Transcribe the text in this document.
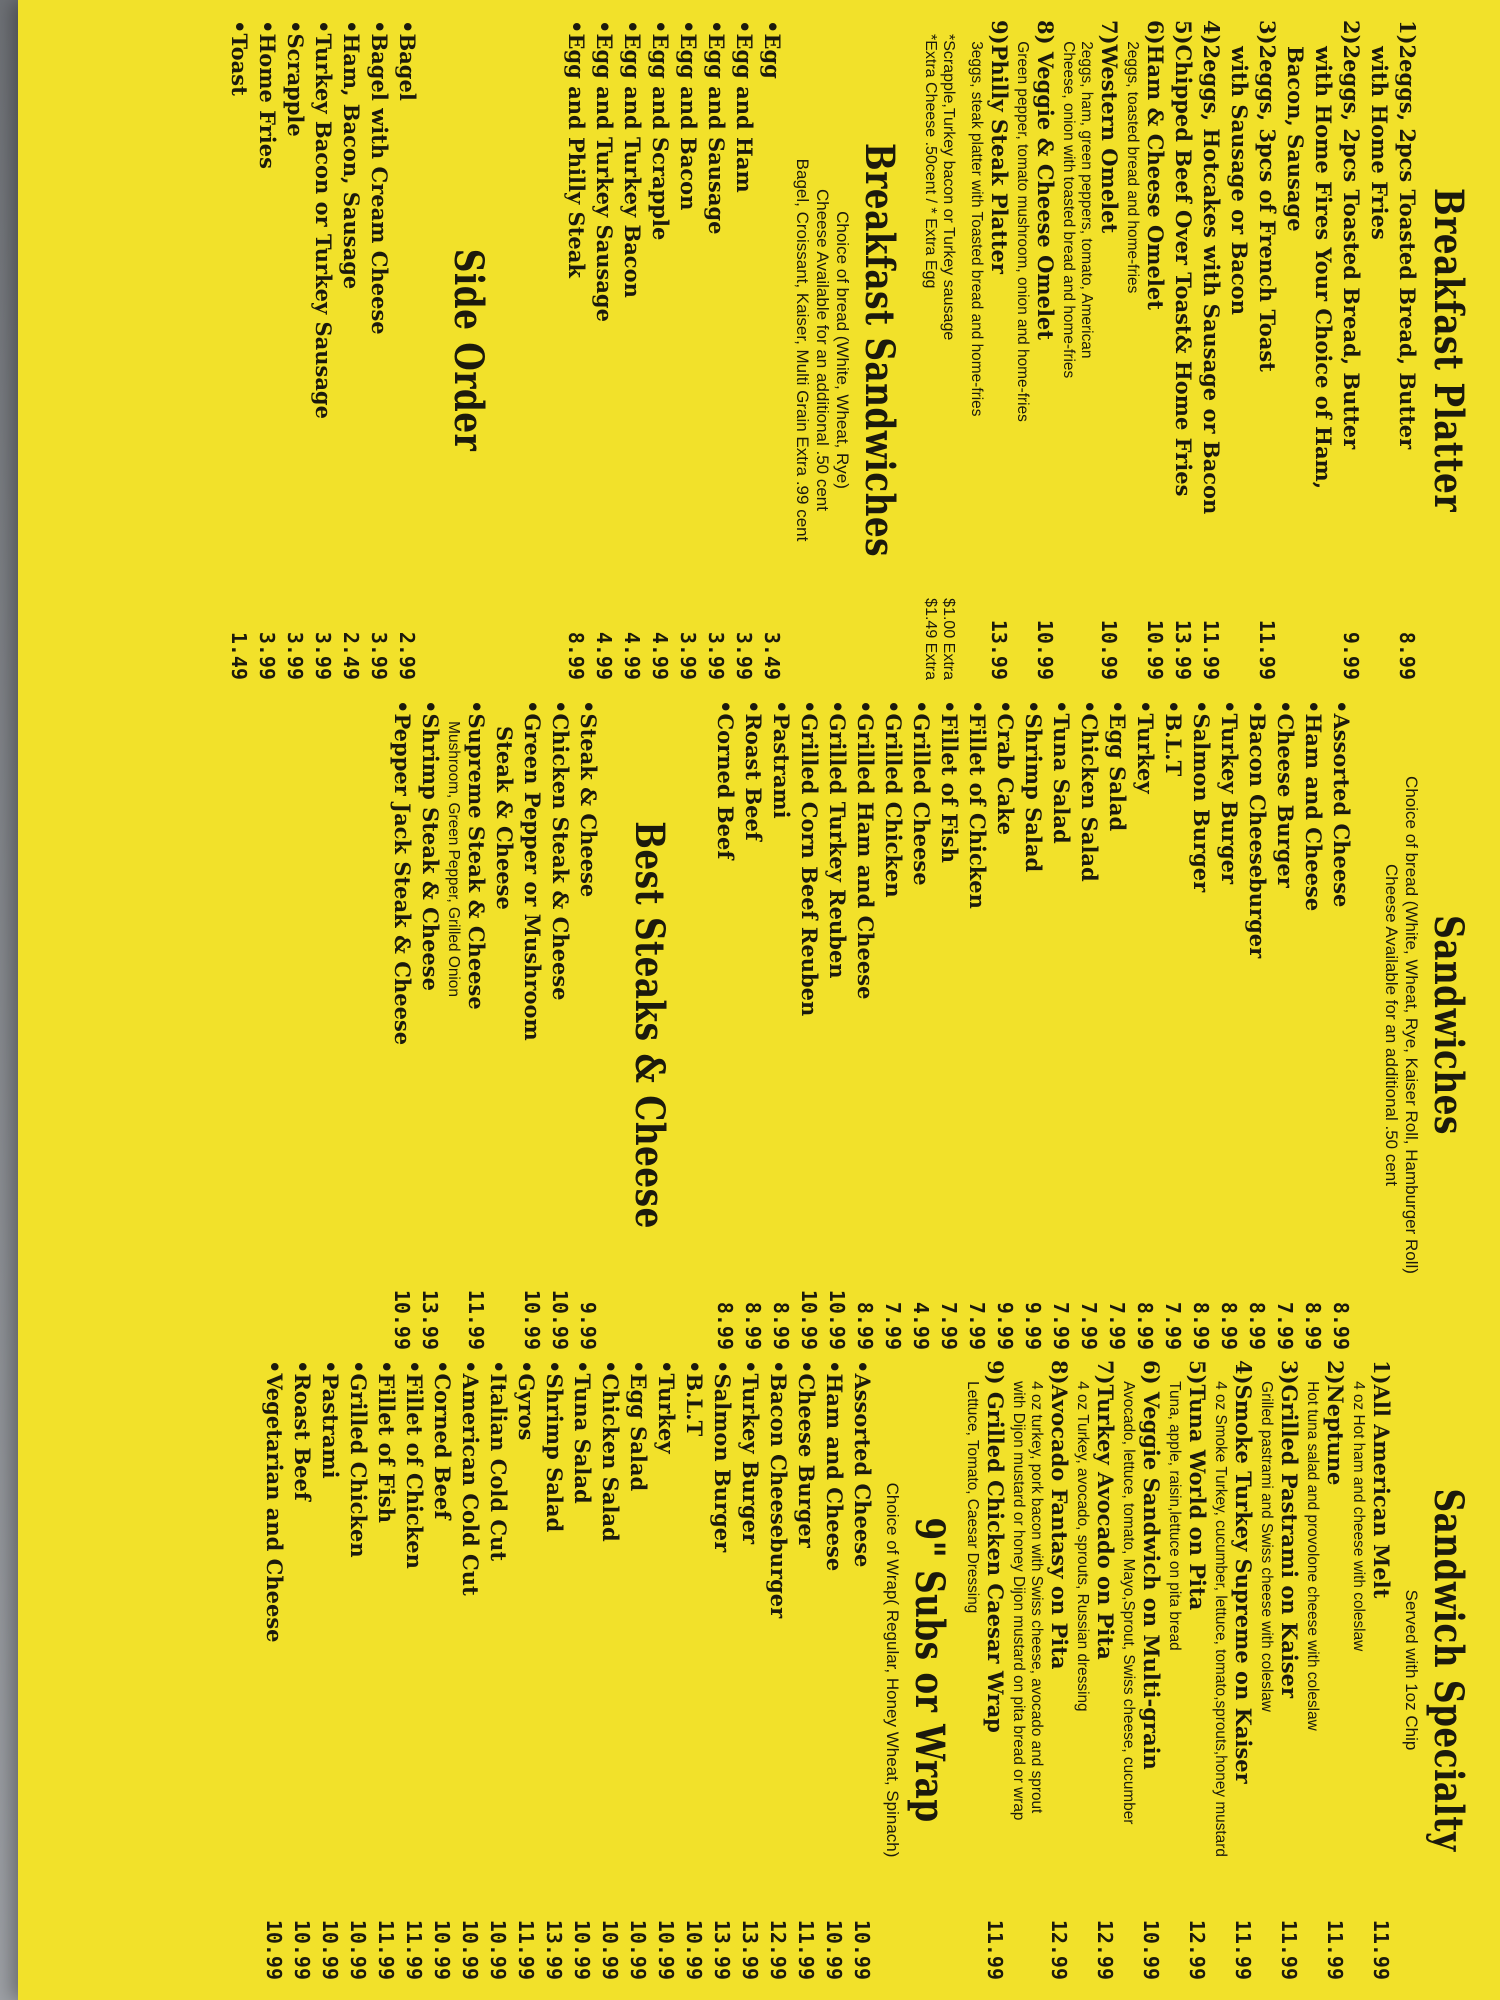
Breakfast Platter
1)2eggs, 2pcs Toasted Bread, Butter
8.99
with Home Fries
2)2eggs, 2pcs Toasted Bread, Butter
9.99
with Home Fires Your Choice of Ham,
Bacon, Sausage
3)2eggs, 3pcs of French Toast
11.99
with Sausage or Bacon
4)2eggs, Hotcakes with Sausage or Bacon
11.99
5)Chipped Beef Over Toast& Home Fries
13.99
6)Ham & Cheese Omelet
10.99
2eggs, toasted bread and home-fries
7)Western Omelet
10.99
2eggs, ham, green peppers, tomato, American
Cheese, onion with toasted bread and home-fries
8) Veggie & Cheese Omelet
10.99
Green pepper, tomato mushroom, onion and home-fries
9)Philly Steak Platter
13.99
3eggs, steak platter with Toasted bread and home-fries
*Scrapple,Turkey bacon or Turkey sausage
*Extra Cheese .50cent / * Extra Egg
$1.00 Extra
$1.49 Extra
Breakfast Sandwiches
Choice of bread (White, Wheat, Rye)
Cheese Available for an additional .50 cent
Bagel, Croissant, Kaiser, Multi Grain Extra .99 cent
• Egg
3.49
• Egg and Ham
3.99
• Egg and Sausage
3.99
• Egg and Bacon
3.99
• Egg and Scrapple
4.99
• Egg and Turkey Bacon
4.99
• Egg and Turkey Sausage
4.99
• Egg and Philly Steak
8.99
Side Order
• Bagel
2.99
• Bagel with Cream Cheese
3.99
• Ham, Bacon, Sausage
2.49
• Turkey Bacon or Turkey Sausage
3.99
• Scrapple
3.99
• Home Fries
3.99
• Toast
1.49
Sandwiches
Choice of bread (White, Wheat, Rye, Kaiser Roll, Hamburger Roll)
Cheese Available for an additional .50 cent
• Assorted Cheese
8.99
• Ham and Cheese
8.99
• Cheese Burger
7.99
• Bacon Cheeseburger
8.99
• Turkey Burger
8.99
• Salmon Burger
8.99
• B.L.T
7.99
• Turkey
8.99
• Egg Salad
7.99
• Chicken Salad
7.99
• Tuna Salad
7.99
• Shrimp Salad
9.99
• Crab Cake
9.99
• Fillet of Chicken
7.99
• Fillet of Fish
7.99
• Grilled Cheese
4.99
• Grilled Chicken
7.99
• Grilled Ham and Cheese
8.99
• Grilled Turkey Reuben
10.99
• Grilled Corn Beef Reuben
10.99
• Pastrami
8.99
• Roast Beef
8.99
• Corned Beef
8.99
Best Steaks & Cheese
• Steak & Cheese
9.99
• Chicken Steak & Cheese
10.99
• Green Pepper or Mushroom
10.99
Steak & Cheese
• Supreme Steak & Cheese
11.99
Mushroom, Green Pepper, Grilled Onion
• Shrimp Steak & Cheese
13.99
• Pepper Jack Steak & Cheese
10.99
Sandwich Specialty
Served with 1oz Chip
1)All American Melt
11.99
4 oz Hot ham and cheese with coleslaw
2)Neptune
11.99
Hot tuna salad and provolone cheese with coleslaw
3)Grilled Pastrami on Kaiser
11.99
Grilled pastrami and Swiss cheese with coleslaw
4)Smoke Turkey Supreme on Kaiser
11.99
4 oz Smoke Turkey, cucumber, lettuce, tomato,sprouts,honey mustard
5)Tuna World on Pita
12.99
Tuna, apple, raisin,lettuce on pita bread
6) Veggie Sandwich on Multi-grain
10.99
Avocado, lettuce, tomato, Mayo,Sprout, Swiss cheese, cucumber
7)Turkey Avocado on Pita
12.99
4 oz Turkey, avocado, sprouts, Russian dressing
8)Avocado Fantasy on Pita
12.99
4 oz turkey, pork bacon with Swiss cheese, avocado and sprout
with Dijon mustard or honey Dijon mustard on pita bread or wrap
9) Grilled Chicken Caesar Wrap
11.99
Lettuce, Tomato, Caesar Dressing
9" Subs or Wrap
Choice of Wrap( Regular, Honey Wheat, Spinach)
• Assorted Cheese
10.99
• Ham and Cheese
10.99
• Cheese Burger
11.99
• Bacon Cheeseburger
12.99
• Turkey Burger
13.99
• Salmon Burger
13.99
• B.L.T
10.99
• Turkey
10.99
• Egg Salad
10.99
• Chicken Salad
10.99
• Tuna Salad
10.99
• Shrimp Salad
13.99
• Gyros
11.99
• Italian Cold Cut
10.99
• American Cold Cut
10.99
• Corned Beef
10.99
• Fillet of Chicken
11.99
• Fillet of Fish
11.99
• Grilled Chicken
10.99
• Pastrami
10.99
• Roast Beef
10.99
• Vegetarian and Cheese
10.99
